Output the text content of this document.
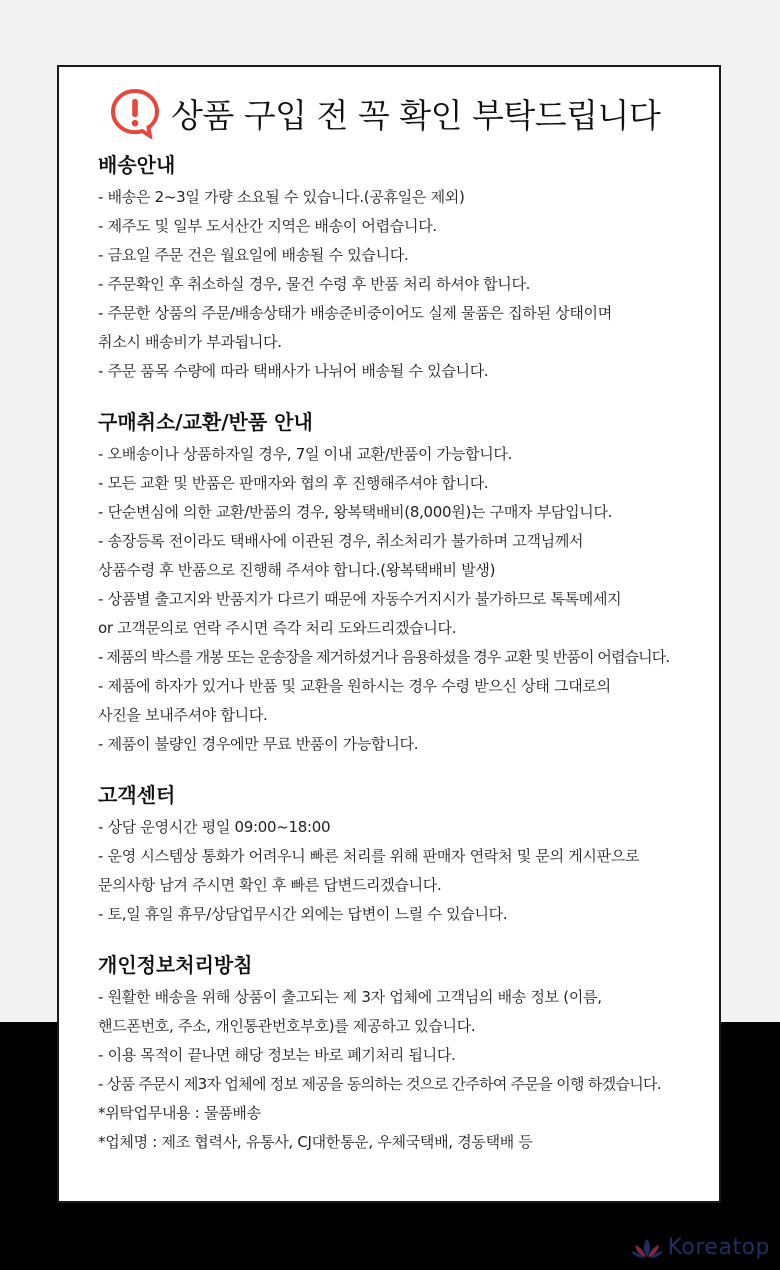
상품 구입 전 꼭 확인 부탁드립니다
배송안내
- 배송은 2~3일 가량 소요될 수 있습니다.(공휴일은 제외)
- 제주도 및 일부 도서산간 지역은 배송이 어렵습니다.
- 금요일 주문 건은 월요일에 배송될 수 있습니다.
- 주문확인 후 취소하실 경우, 물건 수령 후 반품 처리 하셔야 합니다.
- 주문한 상품의 주문/배송상태가 배송준비중이어도 실제 물품은 집하된 상태이며
취소시 배송비가 부과됩니다.
- 주문 품목 수량에 따라 택배사가 나뉘어 배송될 수 있습니다.
구매취소/교환/반품 안내
- 오배송이나 상품하자일 경우, 7일 이내 교환/반품이 가능합니다.
- 모든 교환 및 반품은 판매자와 협의 후 진행해주셔야 합니다.
- 단순변심에 의한 교환/반품의 경우, 왕복택배비(8,000원)는 구매자 부담입니다.
- 송장등록 전이라도 택배사에 이관된 경우, 취소처리가 불가하며 고객님께서
상품수령 후 반품으로 진행해 주셔야 합니다.(왕복택배비 발생)
- 상품별 출고지와 반품지가 다르기 때문에 자동수거지시가 불가하므로 톡톡메세지
or 고객문의로 연락 주시면 즉각 처리 도와드리겠습니다.
- 제품의 박스를 개봉 또는 운송장을 제거하셨거나 음용하셨을 경우 교환 및 반품이 어렵습니다.
- 제품에 하자가 있거나 반품 및 교환을 원하시는 경우 수령 받으신 상태 그대로의
사진을 보내주셔야 합니다.
- 제품이 불량인 경우에만 무료 반품이 가능합니다.
고객센터
- 상담 운영시간 평일 09:00~18:00
- 운영 시스템상 통화가 어려우니 빠른 처리를 위해 판매자 연락처 및 문의 게시판으로
문의사항 남겨 주시면 확인 후 빠른 답변드리겠습니다.
- 토,일 휴일 휴무/상담업무시간 외에는 답변이 느릴 수 있습니다.
개인정보처리방침
- 원활한 배송을 위해 상품이 출고되는 제 3자 업체에 고객님의 배송 정보 (이름,
핸드폰번호, 주소, 개인통관번호부호)를 제공하고 있습니다.
- 이용 목적이 끝나면 해당 정보는 바로 폐기처리 됩니다.
- 상품 주문시 제3자 업체에 정보 제공을 동의하는 것으로 간주하여 주문을 이행 하겠습니다.
*위탁업무내용 : 물품배송
*업체명 : 제조 협력사, 유통사, CJ대한통운, 우체국택배, 경동택배 등
Koreatop
